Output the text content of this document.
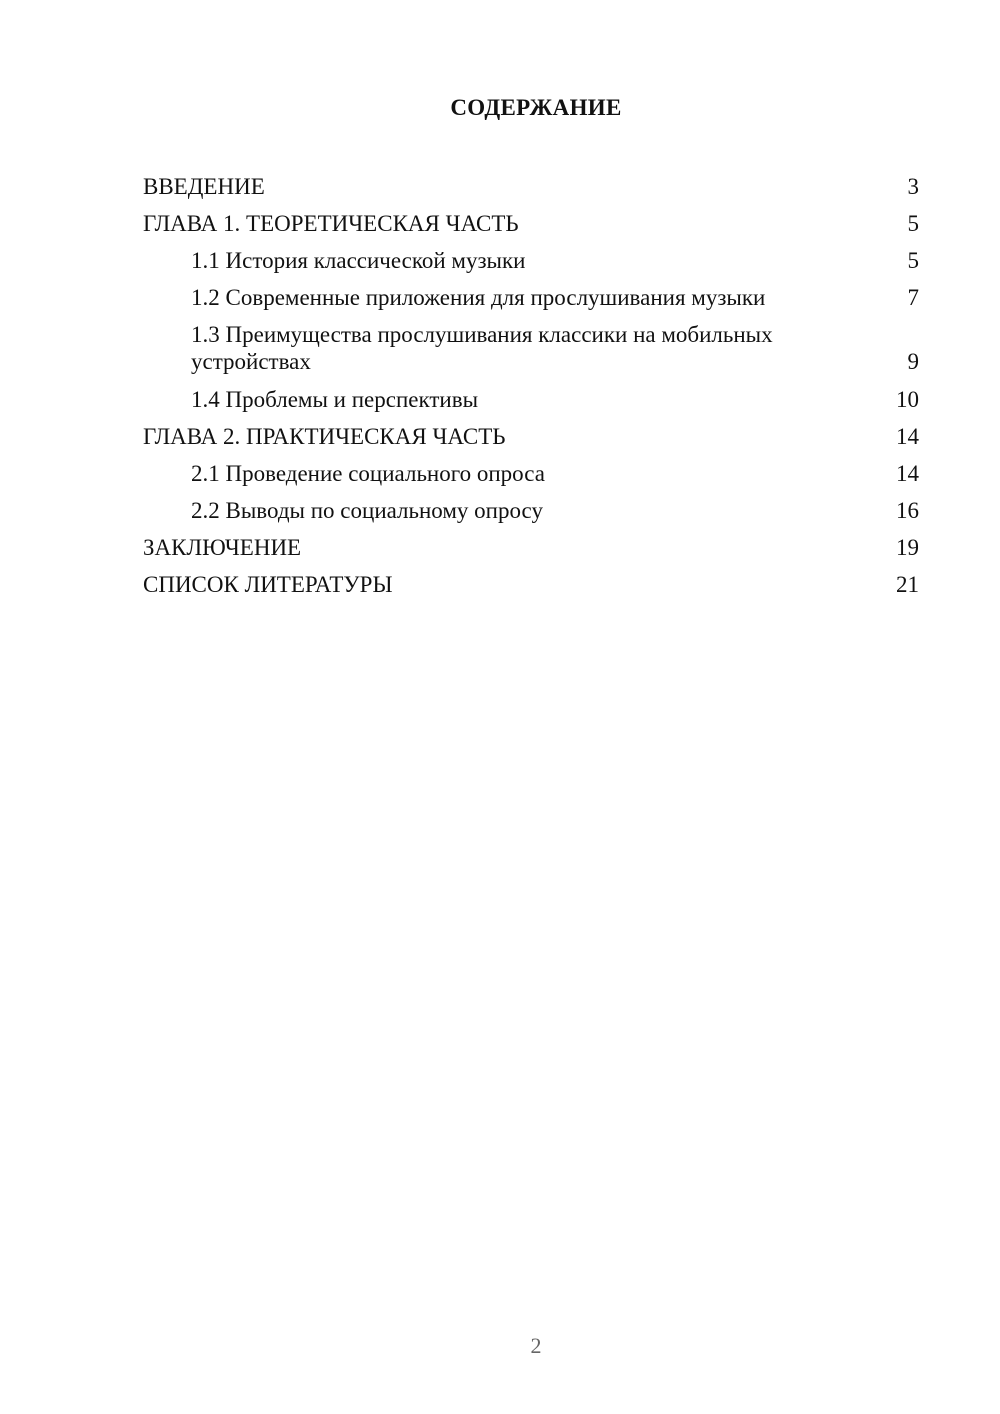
СОДЕРЖАНИЕ
ВВЕДЕНИЕ	3
ГЛАВА 1. ТЕОРЕТИЧЕСКАЯ ЧАСТЬ	5
1.1 История классической музыки	5
1.2 Современные приложения для прослушивания музыки	7
1.3 Преимущества прослушивания классики на мобильных устройствах	9
1.4 Проблемы и перспективы	10
ГЛАВА 2. ПРАКТИЧЕСКАЯ ЧАСТЬ	14
2.1 Проведение социального опроса	14
2.2 Выводы по социальному опросу	16
ЗАКЛЮЧЕНИЕ	19
СПИСОК ЛИТЕРАТУРЫ	21
2
